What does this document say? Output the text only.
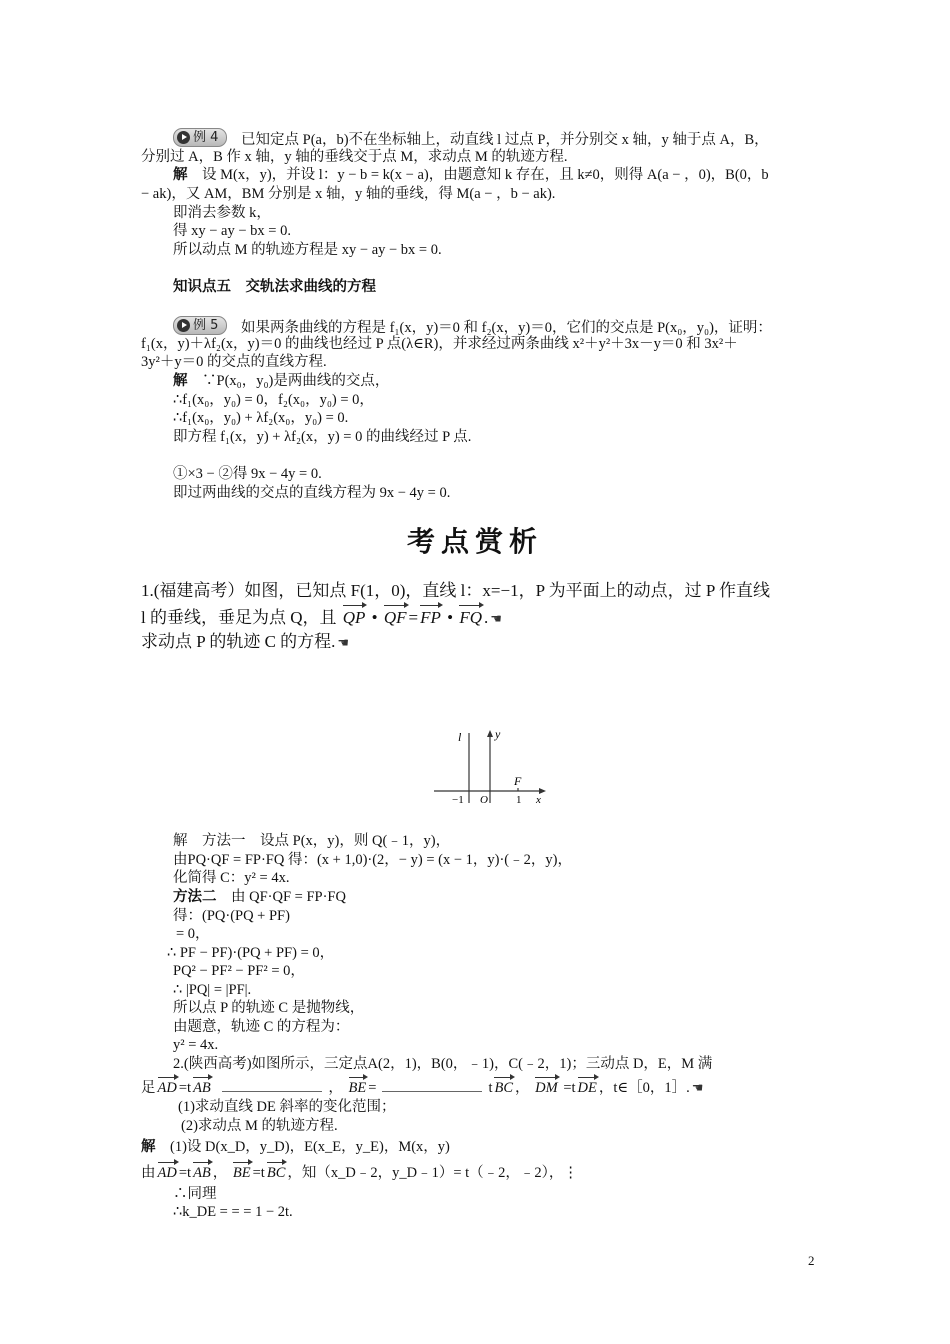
例 4 已知定点 P(a，b)不在坐标轴上，动直线 l 过点 P，并分别交 x 轴，y 轴于点 A，B，
分别过 A，B 作 x 轴，y 轴的垂线交于点 M，求动点 M 的轨迹方程.
解　 设 M(x，y)，并设 l：y − b = k(x − a)，由题意知 k 存在，且 k≠0，则得 A(a − ，0)，B(0，b
− ak)，又 AM，BM 分别是 x 轴，y 轴的垂线，得 M(a − ，b − ak).
即消去参数 k，
得 xy − ay − bx = 0.
所以动点 M 的轨迹方程是 xy − ay − bx = 0.
知识点五　交轨法求曲线的方程
例 5 如果两条曲线的方程是 f₁(x，y)＝0 和 f₂(x，y)＝0，它们的交点是 P(x₀，y₀)，证明：
f₁(x，y)＋λf₂(x，y)＝0 的曲线也经过 P 点(λ∈R)，并求经过两条曲线 x²＋y²＋3x－y＝0 和 3x²＋
3y²＋y＝0 的交点的直线方程.
解　 ∵P(x₀，y₀)是两曲线的交点，
∴f₁(x₀，y₀) = 0，f₂(x₀，y₀) = 0，
∴f₁(x₀，y₀) + λf₂(x₀，y₀) = 0.
即方程 f₁(x，y) + λf₂(x，y) = 0 的曲线经过 P 点.
①×3 − ②得 9x − 4y = 0.
即过两曲线的交点的直线方程为 9x − 4y = 0.
考点赏析
1.(福建高考）如图，已知点 F(1，0)，直线 l：x=−1，P 为平面上的动点，过 P 作直线
l 的垂线，垂足为点 Q，且 QP • QF = FP • FQ . ☚
求动点 P 的轨迹 C 的方程. ☚
l	y
F
−1 O	1 x
解　方法一　设点 P(x，y)，则 Q(﹣1，y)，
由PQ·QF = FP·FQ 得：(x + 1,0)·(2，− y) = (x − 1，y)·(﹣2，y)，
化简得 C：y² = 4x.
方法二　 由 QF·QF = FP·FQ
得：(PQ·(PQ + PF)
= 0，
∴ PF − PF)·(PQ + PF) = 0，
PQ² − PF² − PF² = 0，
∴ |PQ| = |PF|.
所以点 P 的轨迹 C 是抛物线，
由题意，轨迹 C 的方程为：
y² = 4x.
2.(陕西高考)如图所示，三定点A(2，1)，B(0，﹣1)，C(﹣2，1)；三动点 D，E，M 满
足 AD =t AB	， BE =	t BC ， DM =t DE ，t∈［0，1］. ☚
(1)求动直线 DE 斜率的变化范围；
(2)求动点 M 的轨迹方程.
解　 (1)设 D(x_D，y_D)，E(x_E，y_E)，M(x，y)
由 AD =t AB ， BE =t BC ，知（x_D﹣2，y_D﹣1）= t（﹣2，﹣2），⋮
∴同理
∴k_DE = = = 1 − 2t.
2
